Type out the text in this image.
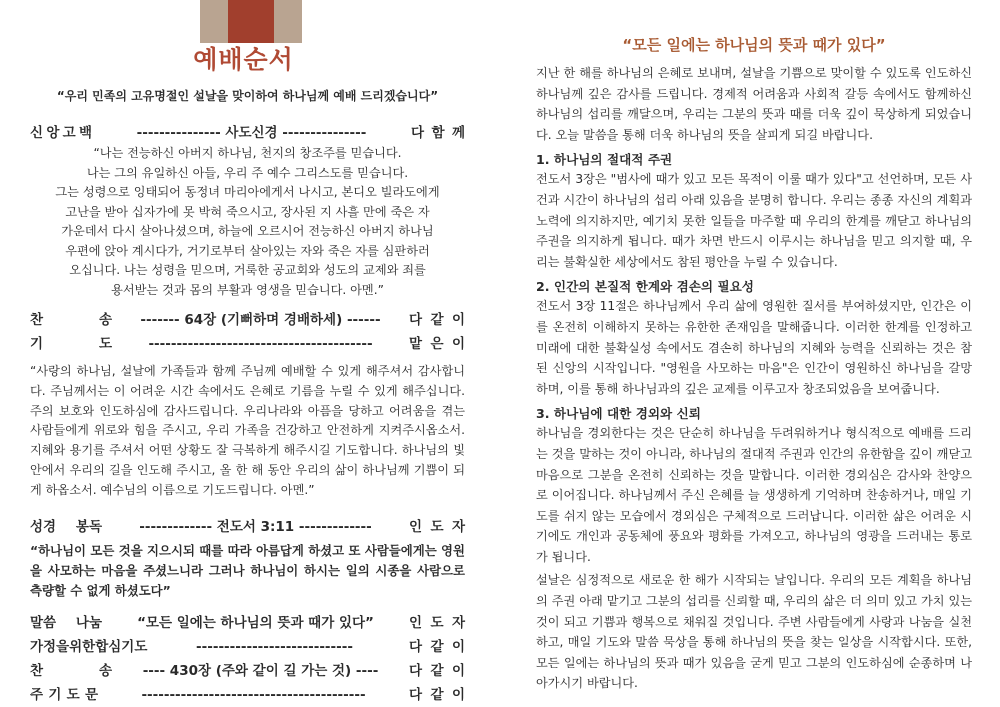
예배순서
“우리 민족의 고유명절인 설날을 맞이하여 하나님께 예배 드리겠습니다”
신 앙 고 백	--------------- 사도신경 ---------------	다 함 께
“나는 전능하신 아버지 하나님, 천지의 창조주를 믿습니다.
나는 그의 유일하신 아들, 우리 주 예수 그리스도를 믿습니다.
그는 성령으로 잉태되어 동정녀 마리아에게서 나시고, 본디오 빌라도에게
고난을 받아 십자가에 못 박혀 죽으시고, 장사된 지 사흘 만에 죽은 자
가운데서 다시 살아나셨으며, 하늘에 오르시어 전능하신 아버지 하나님
우편에 앉아 계시다가, 거기로부터 살아있는 자와 죽은 자를 심판하러
오십니다. 나는 성령을 믿으며, 거룩한 공교회와 성도의 교제와 죄를
용서받는 것과 몸의 부활과 영생을 믿습니다. 아멘.”
찬	송	------- 64장 (기뻐하며 경배하세) ------	다 같 이
기	도	----------------------------------------	맡 은 이
“사랑의 하나님, 설날에 가족들과 함께 주님께 예배할 수 있게 해주셔서 감사합니다. 주님께서는 이 어려운 시간 속에서도 은혜로 기름을 누릴 수 있게 해주십니다. 주의 보호와 인도하심에 감사드립니다. 우리나라와 아픔을 당하고 어려움을 겪는 사람들에게 위로와 힘을 주시고, 우리 가족을 건강하고 안전하게 지켜주시옵소서. 지혜와 용기를 주셔서 어떤 상황도 잘 극복하게 해주시길 기도합니다. 하나님의 빛 안에서 우리의 길을 인도해 주시고, 올 한 해 동안 우리의 삶이 하나님께 기쁨이 되게 하옵소서. 예수님의 이름으로 기도드립니다. 아멘.”
성경 봉독	------------- 전도서 3:11 -------------	인 도 자
“하나님이 모든 것을 지으시되 때를 따라 아름답게 하셨고 또 사람들에게는 영원을 사모하는 마음을 주셨느니라 그러나 하나님이 하시는 일의 시종을 사람으로 측량할 수 없게 하셨도다”
말씀 나눔	“모든 일에는 하나님의 뜻과 때가 있다”	인 도 자
가정을 위한 합심기도	----------------------------	다 같 이
찬	송	---- 430장 (주와 같이 길 가는 것) ----	다 같 이
주 기 도 문	----------------------------------------	다 같 이
“모든 일에는 하나님의 뜻과 때가 있다”
지난 한 해를 하나님의 은혜로 보내며, 설날을 기쁨으로 맞이할 수 있도록 인도하신 하나님께 깊은 감사를 드립니다. 경제적 어려움과 사회적 갈등 속에서도 함께하신 하나님의 섭리를 깨달으며, 우리는 그분의 뜻과 때를 더욱 깊이 묵상하게 되었습니다. 오늘 말씀을 통해 더욱 하나님의 뜻을 살피게 되길 바랍니다.
1. 하나님의 절대적 주권
전도서 3장은 "범사에 때가 있고 모든 목적이 이룰 때가 있다"고 선언하며, 모든 사건과 시간이 하나님의 섭리 아래 있음을 분명히 합니다. 우리는 종종 자신의 계획과 노력에 의지하지만, 예기치 못한 일들을 마주할 때 우리의 한계를 깨닫고 하나님의 주권을 의지하게 됩니다. 때가 차면 반드시 이루시는 하나님을 믿고 의지할 때, 우리는 불확실한 세상에서도 참된 평안을 누릴 수 있습니다.
2. 인간의 본질적 한계와 겸손의 필요성
전도서 3장 11절은 하나님께서 우리 삶에 영원한 질서를 부여하셨지만, 인간은 이를 온전히 이해하지 못하는 유한한 존재임을 말해줍니다. 이러한 한계를 인정하고 미래에 대한 불확실성 속에서도 겸손히 하나님의 지혜와 능력을 신뢰하는 것은 참된 신앙의 시작입니다. "영원을 사모하는 마음"은 인간이 영원하신 하나님을 갈망하며, 이를 통해 하나님과의 깊은 교제를 이루고자 창조되었음을 보여줍니다.
3. 하나님에 대한 경외와 신뢰
하나님을 경외한다는 것은 단순히 하나님을 두려워하거나 형식적으로 예배를 드리는 것을 말하는 것이 아니라, 하나님의 절대적 주권과 인간의 유한함을 깊이 깨닫고 마음으로 그분을 온전히 신뢰하는 것을 말합니다. 이러한 경외심은 감사와 찬양으로 이어집니다. 하나님께서 주신 은혜를 늘 생생하게 기억하며 찬송하거나, 매일 기도를 쉬지 않는 모습에서 경외심은 구체적으로 드러납니다. 이러한 삶은 어려운 시기에도 개인과 공동체에 풍요와 평화를 가져오고, 하나님의 영광을 드러내는 통로가 됩니다.
설날은 심정적으로 새로운 한 해가 시작되는 날입니다. 우리의 모든 계획을 하나님의 주권 아래 맡기고 그분의 섭리를 신뢰할 때, 우리의 삶은 더 의미 있고 가치 있는 것이 되고 기쁨과 행복으로 채워질 것입니다. 주변 사람들에게 사랑과 나눔을 실천하고, 매일 기도와 말씀 묵상을 통해 하나님의 뜻을 찾는 일상을 시작합시다. 또한, 모든 일에는 하나님의 뜻과 때가 있음을 굳게 믿고 그분의 인도하심에 순종하며 나아가시기 바랍니다.
